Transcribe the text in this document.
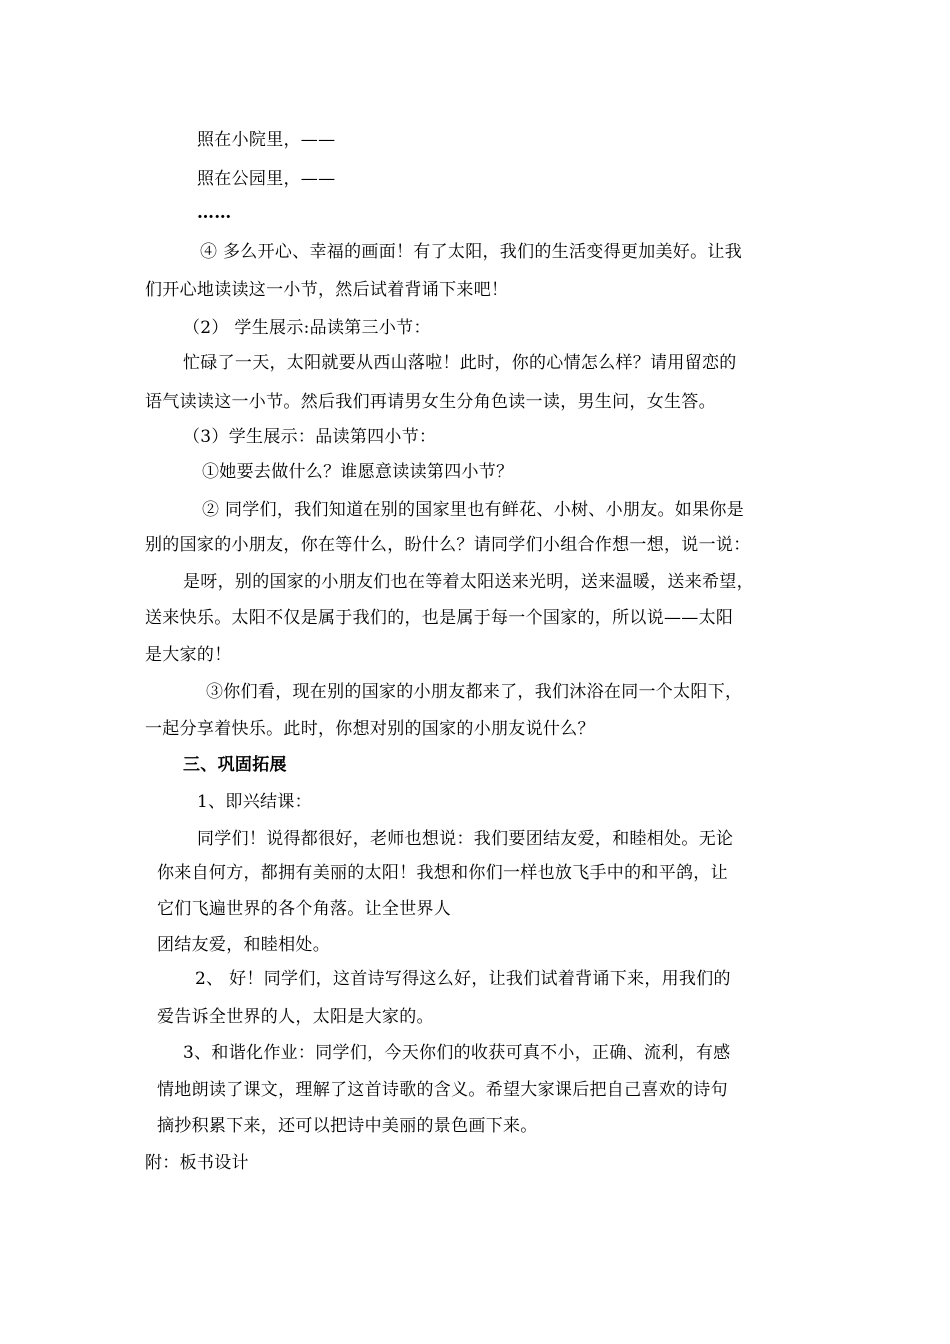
照在小院里，——
照在公园里，——
……
④ 多么开心、幸福的画面！有了太阳，我们的生活变得更加美好。让我
们开心地读读这一小节，然后试着背诵下来吧！
（2） 学生展示:品读第三小节：
忙碌了一天，太阳就要从西山落啦！此时，你的心情怎么样？请用留恋的
语气读读这一小节。然后我们再请男女生分角色读一读，男生问，女生答。
（3）学生展示：品读第四小节：
①她要去做什么？谁愿意读读第四小节？
② 同学们，我们知道在别的国家里也有鲜花、小树、小朋友。如果你是
别的国家的小朋友，你在等什么，盼什么？请同学们小组合作想一想，说一说：
是呀，别的国家的小朋友们也在等着太阳送来光明，送来温暖，送来希望，
送来快乐。太阳不仅是属于我们的，也是属于每一个国家的，所以说——太阳
是大家的！
③你们看，现在别的国家的小朋友都来了，我们沐浴在同一个太阳下，
一起分享着快乐。此时，你想对别的国家的小朋友说什么？
三、巩固拓展
1、即兴结课：
同学们！说得都很好，老师也想说：我们要团结友爱，和睦相处。无论
你来自何方，都拥有美丽的太阳！我想和你们一样也放飞手中的和平鸽，让
它们飞遍世界的各个角落。让全世界人
团结友爱，和睦相处。
2、 好！同学们，这首诗写得这么好，让我们试着背诵下来，用我们的
爱告诉全世界的人，太阳是大家的。
3、和谐化作业：同学们，今天你们的收获可真不小，正确、流利，有感
情地朗读了课文，理解了这首诗歌的含义。希望大家课后把自己喜欢的诗句
摘抄积累下来，还可以把诗中美丽的景色画下来。
附：板书设计
